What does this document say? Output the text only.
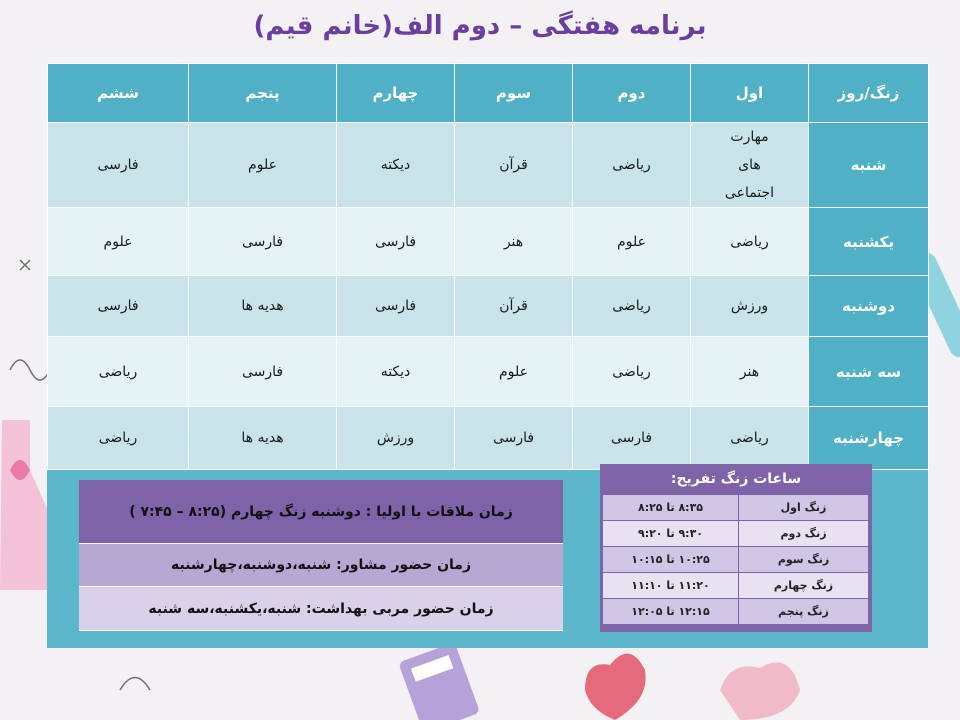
برنامه هفتگی – دوم الف(خانم قیم)
زنگ/روز	اول	دوم	سوم	چهارم	پنجم	ششم
شنبه	مهارت های اجتماعی	ریاضی	قرآن	دیکته	علوم	فارسی
یکشنبه	ریاضی	علوم	هنر	فارسی	فارسی	علوم
دوشنبه	ورزش	ریاضی	قرآن	فارسی	هدیه ها	فارسی
سه شنبه	هنر	ریاضی	علوم	دیکته	فارسی	ریاضی
چهارشنبه	ریاضی	فارسی	فارسی	ورزش	هدیه ها	ریاضی
زمان ملاقات با اولیا : دوشنبه زنگ چهارم (۸:۲۵ – ۷:۴۵ )
زمان حضور مشاور: شنبه،دوشنبه،چهارشنبه
زمان حضور مربی بهداشت: شنبه،یکشنبه،سه شنبه
ساعات زنگ تفریح:
زنگ اول	۸:۳۵ تا ۸:۲۵
زنگ دوم	۹:۳۰ تا ۹:۲۰
زنگ سوم	۱۰:۲۵ تا ۱۰:۱۵
زنگ چهارم	۱۱:۲۰ تا ۱۱:۱۰
زنگ پنجم	۱۲:۱۵ تا ۱۲:۰۵
